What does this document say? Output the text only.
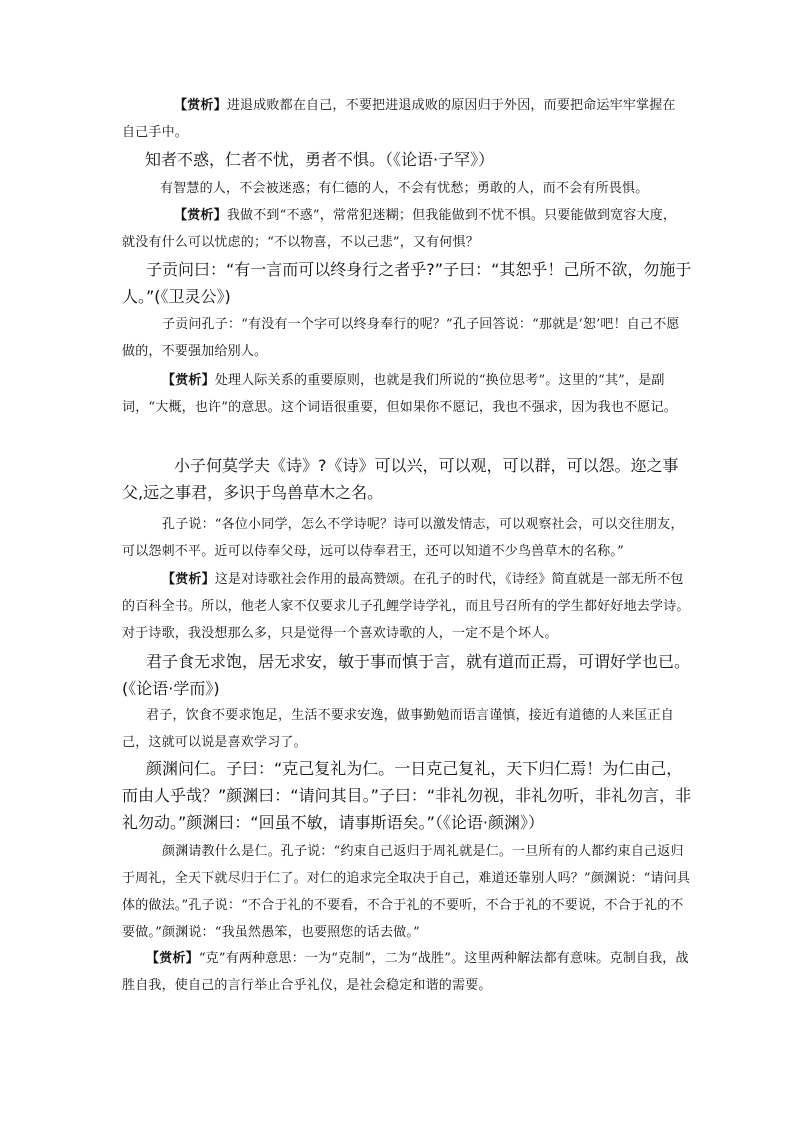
【赏析】进退成败都在自己，不要把进退成败的原因归于外因，而要把命运牢牢掌握在自己手中。

知者不惑，仁者不忧，勇者不惧。（《论语·子罕》）

有智慧的人，不会被迷惑；有仁德的人，不会有忧愁；勇敢的人，而不会有所畏惧。

【赏析】我做不到“不惑”，常常犯迷糊；但我能做到不忧不惧。只要能做到宽容大度，就没有什么可以忧虑的；“不以物喜，不以己悲”，又有何惧？

子贡问曰：“有一言而可以终身行之者乎?”子曰：“其恕乎！己所不欲，勿施于人。”(《卫灵公》)

子贡问孔子：“有没有一个字可以终身奉行的呢？”孔子回答说：“那就是‘恕’吧！自己不愿做的，不要强加给别人。

【赏析】处理人际关系的重要原则，也就是我们所说的“换位思考”。这里的“其”，是副词，“大概，也许”的意思。这个词语很重要，但如果你不愿记，我也不强求，因为我也不愿记。

小子何莫学夫《诗》?《诗》可以兴，可以观，可以群，可以怨。迩之事父,远之事君，多识于鸟兽草木之名。

孔子说：“各位小同学，怎么不学诗呢？诗可以激发情志，可以观察社会，可以交往朋友，可以怨刺不平。近可以侍奉父母，远可以侍奉君王，还可以知道不少鸟兽草木的名称。”

【赏析】这是对诗歌社会作用的最高赞颂。在孔子的时代，《诗经》简直就是一部无所不包的百科全书。所以，他老人家不仅要求儿子孔鲤学诗学礼，而且号召所有的学生都好好地去学诗。对于诗歌，我没想那么多，只是觉得一个喜欢诗歌的人，一定不是个坏人。

君子食无求饱，居无求安，敏于事而慎于言，就有道而正焉，可谓好学也已。(《论语·学而》)

君子，饮食不要求饱足，生活不要求安逸，做事勤勉而语言谨慎，接近有道德的人来匡正自己，这就可以说是喜欢学习了。

颜渊问仁。子曰：“克己复礼为仁。一日克己复礼，天下归仁焉！为仁由己，而由人乎哉？”颜渊曰：“请问其目。”子曰：“非礼勿视，非礼勿听，非礼勿言，非礼勿动。”颜渊曰：“回虽不敏，请事斯语矣。”（《论语·颜渊》）

颜渊请教什么是仁。孔子说：“约束自己返归于周礼就是仁。一旦所有的人都约束自己返归于周礼，全天下就尽归于仁了。对仁的追求完全取决于自己，难道还靠别人吗？”颜渊说：“请问具体的做法。”孔子说：“不合于礼的不要看，不合于礼的不要听，不合于礼的不要说，不合于礼的不要做。”颜渊说：“我虽然愚笨，也要照您的话去做。”

【赏析】“克”有两种意思：一为“克制”，二为“战胜”。这里两种解法都有意味。克制自我，战胜自我，使自己的言行举止合乎礼仪，是社会稳定和谐的需要。
